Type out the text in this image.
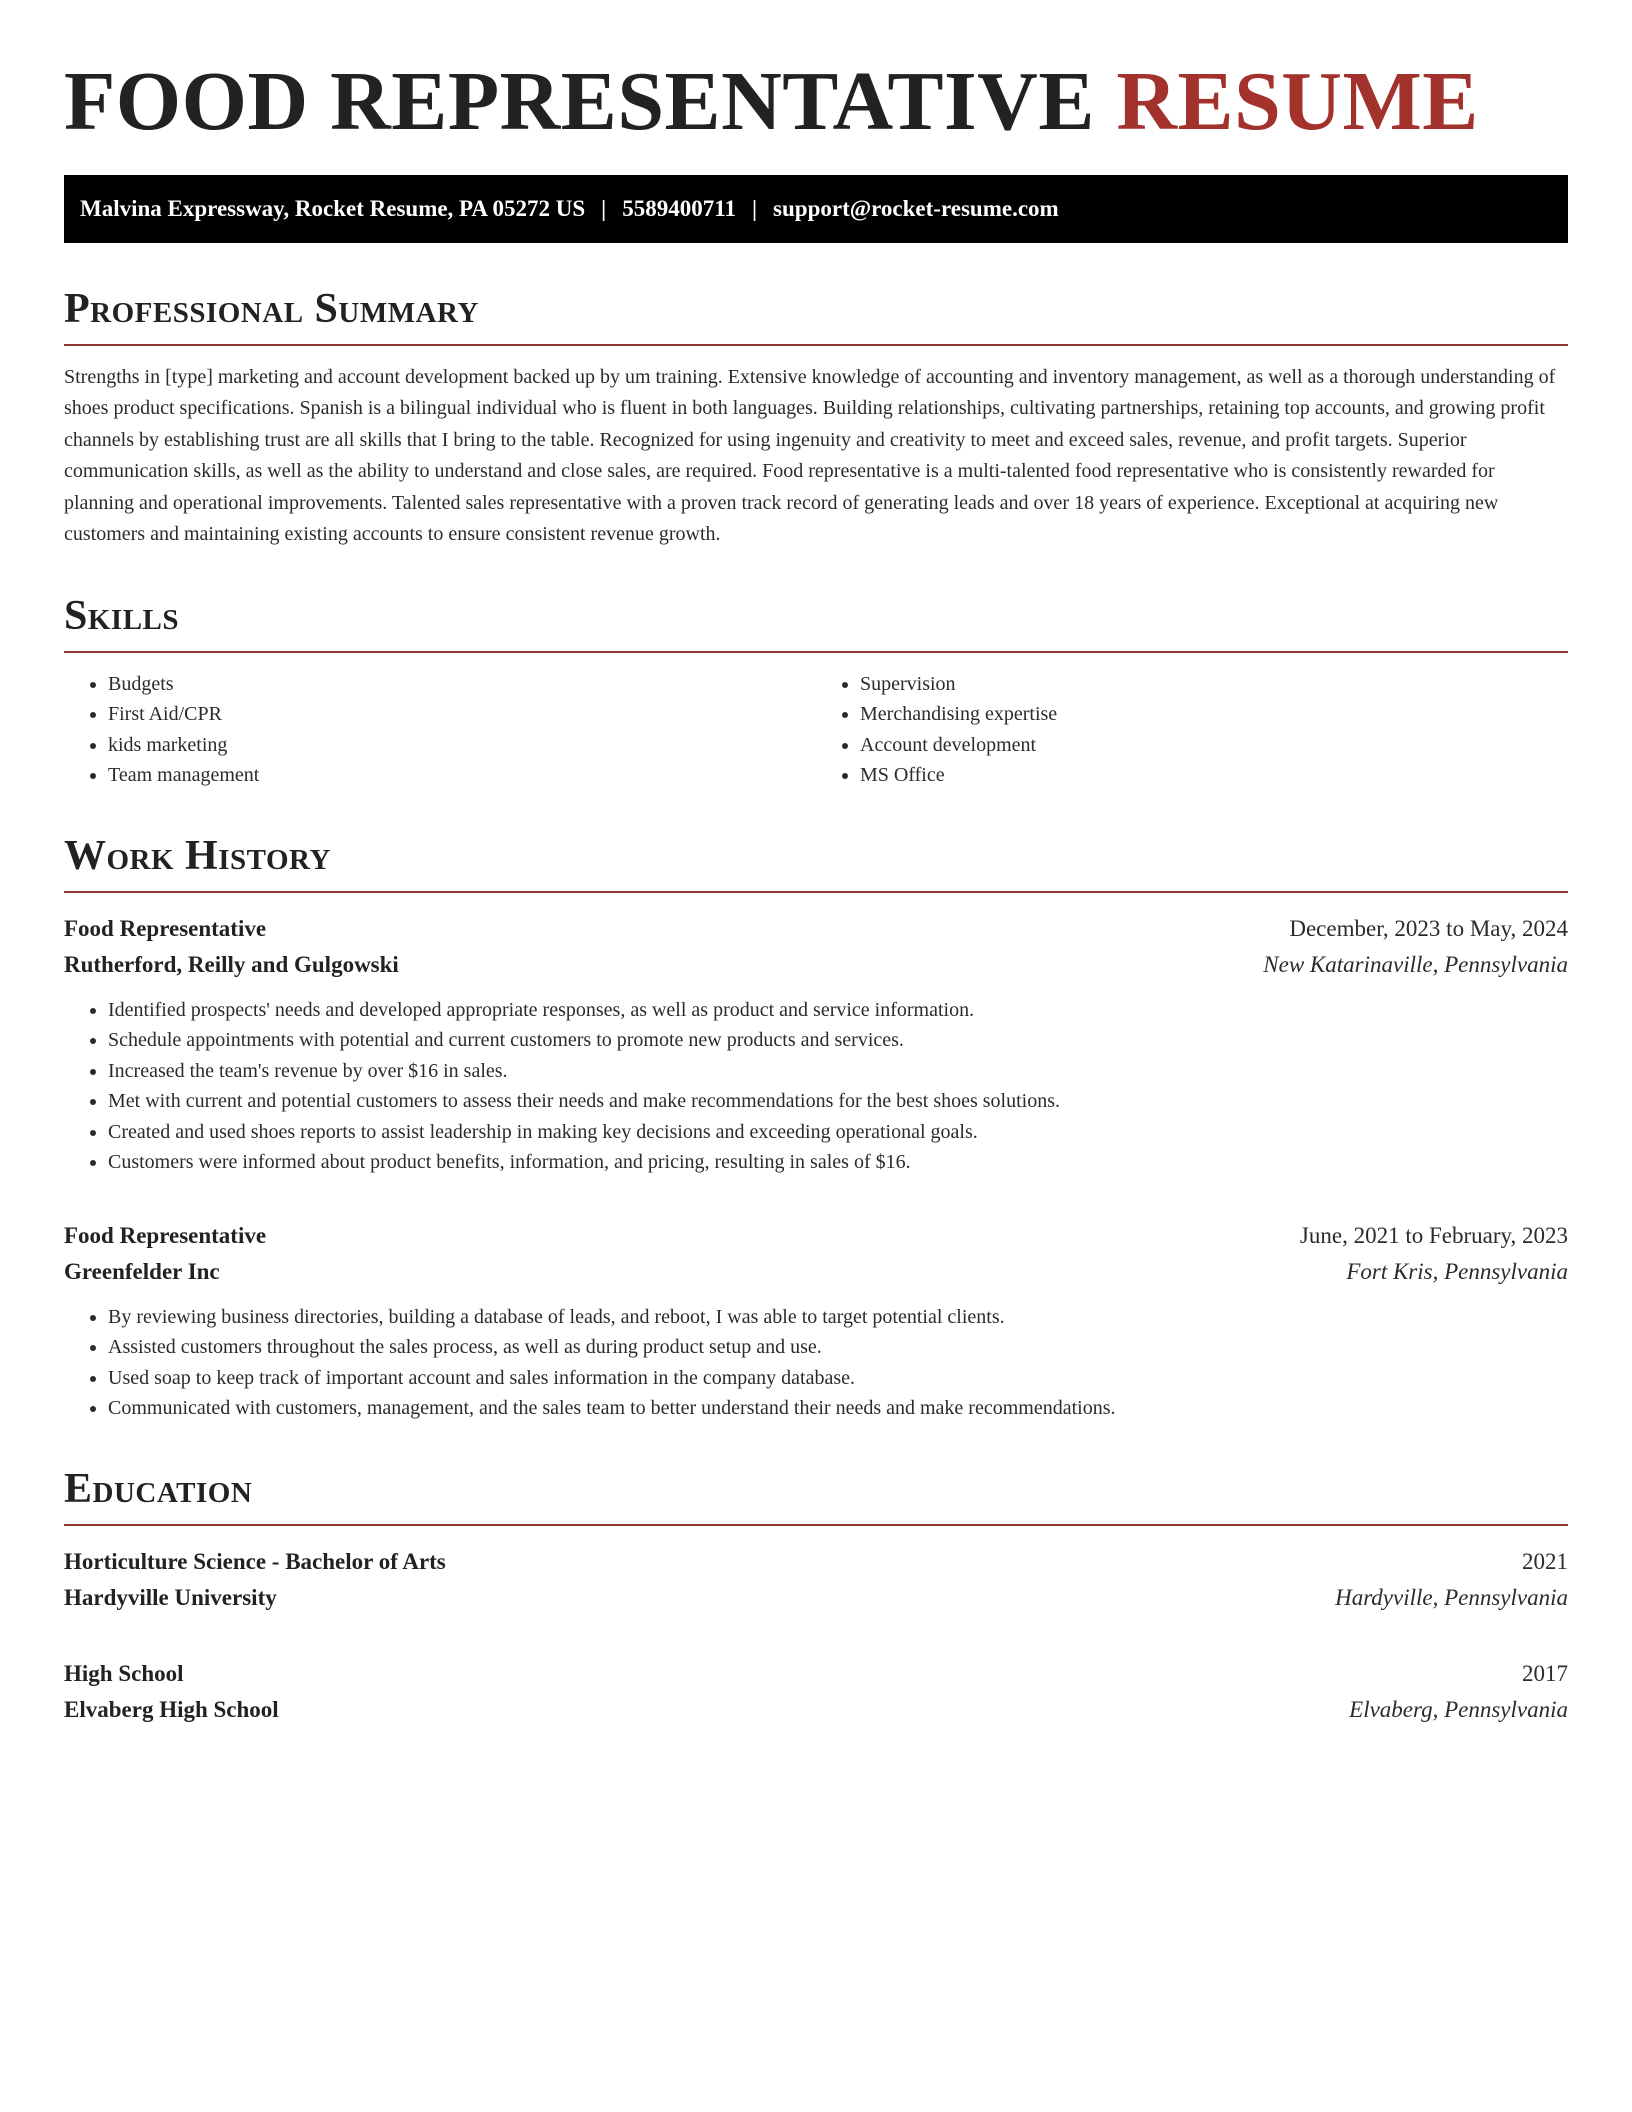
FOOD REPRESENTATIVE RESUME
Malvina Expressway, Rocket Resume, PA 05272 US | 5589400711 | support@rocket-resume.com
Professional Summary

Strengths in [type] marketing and account development backed up by um training. Extensive knowledge of accounting and inventory management, as well as a thorough understanding of shoes product specifications. Spanish is a bilingual individual who is fluent in both languages. Building relationships, cultivating partnerships, retaining top accounts, and growing profit channels by establishing trust are all skills that I bring to the table. Recognized for using ingenuity and creativity to meet and exceed sales, revenue, and profit targets. Superior communication skills, as well as the ability to understand and close sales, are required. Food representative is a multi-talented food representative who is consistently rewarded for planning and operational improvements. Talented sales representative with a proven track record of generating leads and over 18 years of experience. Exceptional at acquiring new customers and maintaining existing accounts to ensure consistent revenue growth.

Skills
• Budgets
• First Aid/CPR
• kids marketing
• Team management
• Supervision
• Merchandising expertise
• Account development
• MS Office
Work History
Food Representative	December, 2023 to May, 2024
Rutherford, Reilly and Gulgowski	New Katarinaville, Pennsylvania
• Identified prospects' needs and developed appropriate responses, as well as product and service information.
• Schedule appointments with potential and current customers to promote new products and services.
• Increased the team's revenue by over $16 in sales.
• Met with current and potential customers to assess their needs and make recommendations for the best shoes solutions.
• Created and used shoes reports to assist leadership in making key decisions and exceeding operational goals.
• Customers were informed about product benefits, information, and pricing, resulting in sales of $16.
Food Representative	June, 2021 to February, 2023
Greenfelder Inc	Fort Kris, Pennsylvania
• By reviewing business directories, building a database of leads, and reboot, I was able to target potential clients.
• Assisted customers throughout the sales process, as well as during product setup and use.
• Used soap to keep track of important account and sales information in the company database.
• Communicated with customers, management, and the sales team to better understand their needs and make recommendations.
Education
Horticulture Science - Bachelor of Arts	2021
Hardyville University	Hardyville, Pennsylvania
High School	2017
Elvaberg High School	Elvaberg, Pennsylvania
